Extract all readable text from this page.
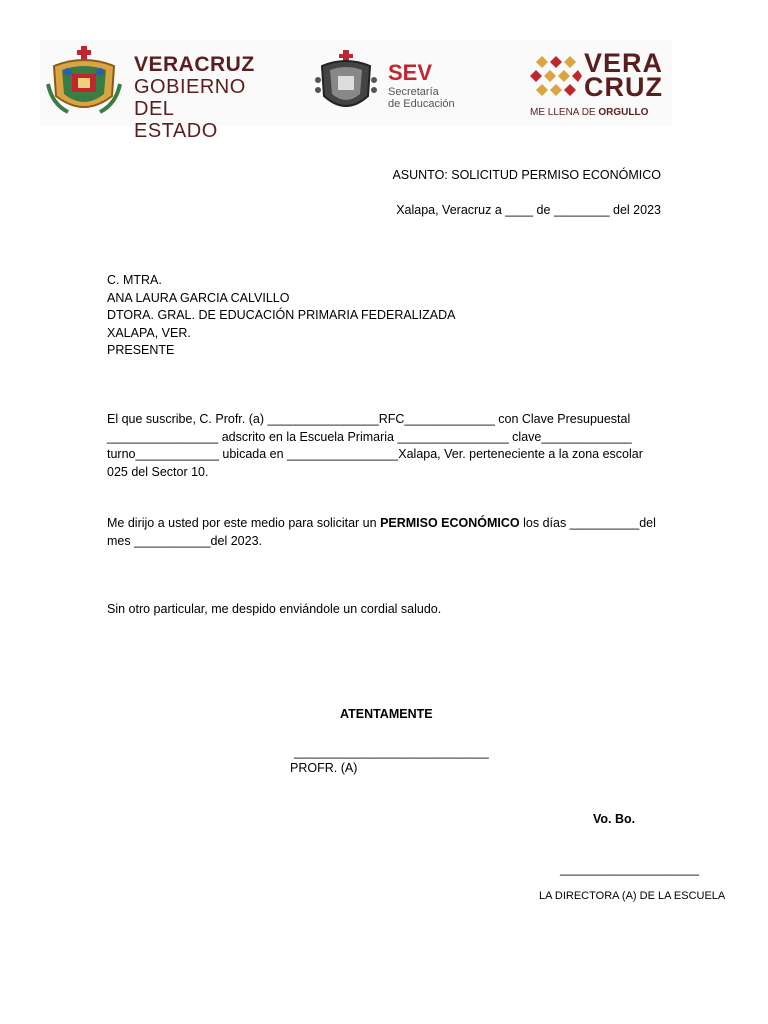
VERACRUZ
GOBIERNO
DEL ESTADO
SEV
Secretaría
de Educación
VERA
CRUZ
ME LLENA DE ORGULLO
ASUNTO: SOLICITUD PERMISO ECONÓMICO
Xalapa, Veracruz a ____ de ________ del 2023
C. MTRA.
ANA LAURA GARCIA CALVILLO
DTORA. GRAL. DE EDUCACIÓN PRIMARIA FEDERALIZADA
XALAPA, VER.
PRESENTE
El que suscribe, C. Profr. (a) ________________RFC_____________ con Clave Presupuestal
________________ adscrito en la Escuela Primaria ________________ clave_____________
turno____________ ubicada en ________________Xalapa, Ver. perteneciente a la zona escolar
025 del Sector 10.
Me dirijo a usted por este medio para solicitar un PERMISO ECONÓMICO los días __________del
mes ___________del 2023.
Sin otro particular, me despido enviándole un cordial saludo.
ATENTAMENTE
____________________________
PROFR. (A)
Vo. Bo.
____________________
LA DIRECTORA (A) DE LA ESCUELA
